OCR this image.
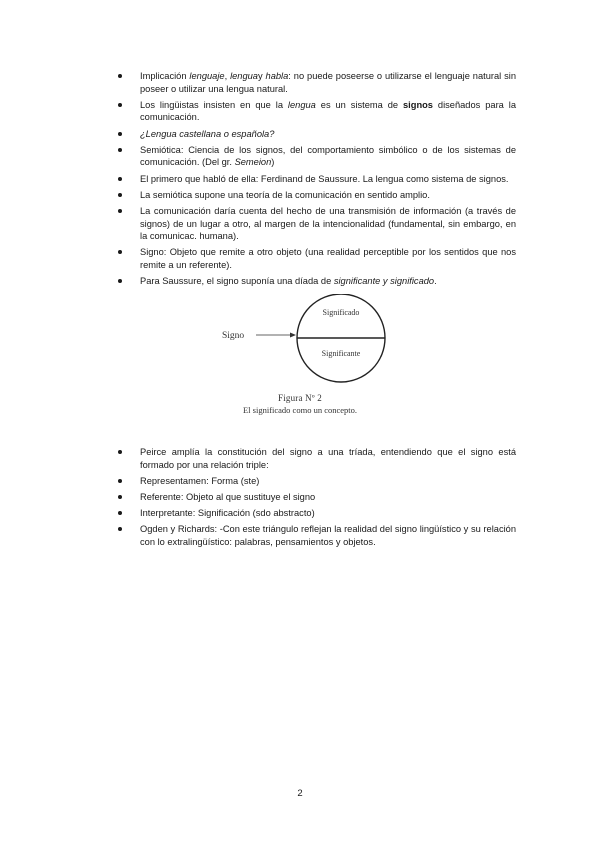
Implicación lenguaje, lenguay habla: no puede poseerse o utilizarse el lenguaje natural sin poseer o utilizar una lengua natural.
Los lingüistas insisten en que la lengua es un sistema de signos diseñados para la comunicación.
¿Lengua castellana o española?
Semiótica: Ciencia de los signos, del comportamiento simbólico o de los sistemas de comunicación. (Del gr. Semeion)
El primero que habló de ella: Ferdinand de Saussure. La lengua como sistema de signos.
La semiótica supone una teoría de la comunicación en sentido amplio.
La comunicación daría cuenta del hecho de una transmisión de información (a través de signos) de un lugar a otro, al margen de la intencionalidad (fundamental, sin embargo, en la comunicac. humana).
Signo: Objeto que remite a otro objeto (una realidad perceptible por los sentidos que nos remite a un referente).
Para Saussure, el signo suponía una díada de significante y significado.
Signo
Significado
Significante
Figura Nº 2
El significado como un concepto.
Peirce amplía la constitución del signo a una tríada, entendiendo que el signo está formado por una relación triple:
Representamen: Forma (ste)
Referente: Objeto al que sustituye el signo
Interpretante: Significación (sdo abstracto)
Ogden y Richards: -Con este triángulo reflejan la realidad del signo lingüístico y su relación con lo extralingüístico: palabras, pensamientos y objetos.
2
